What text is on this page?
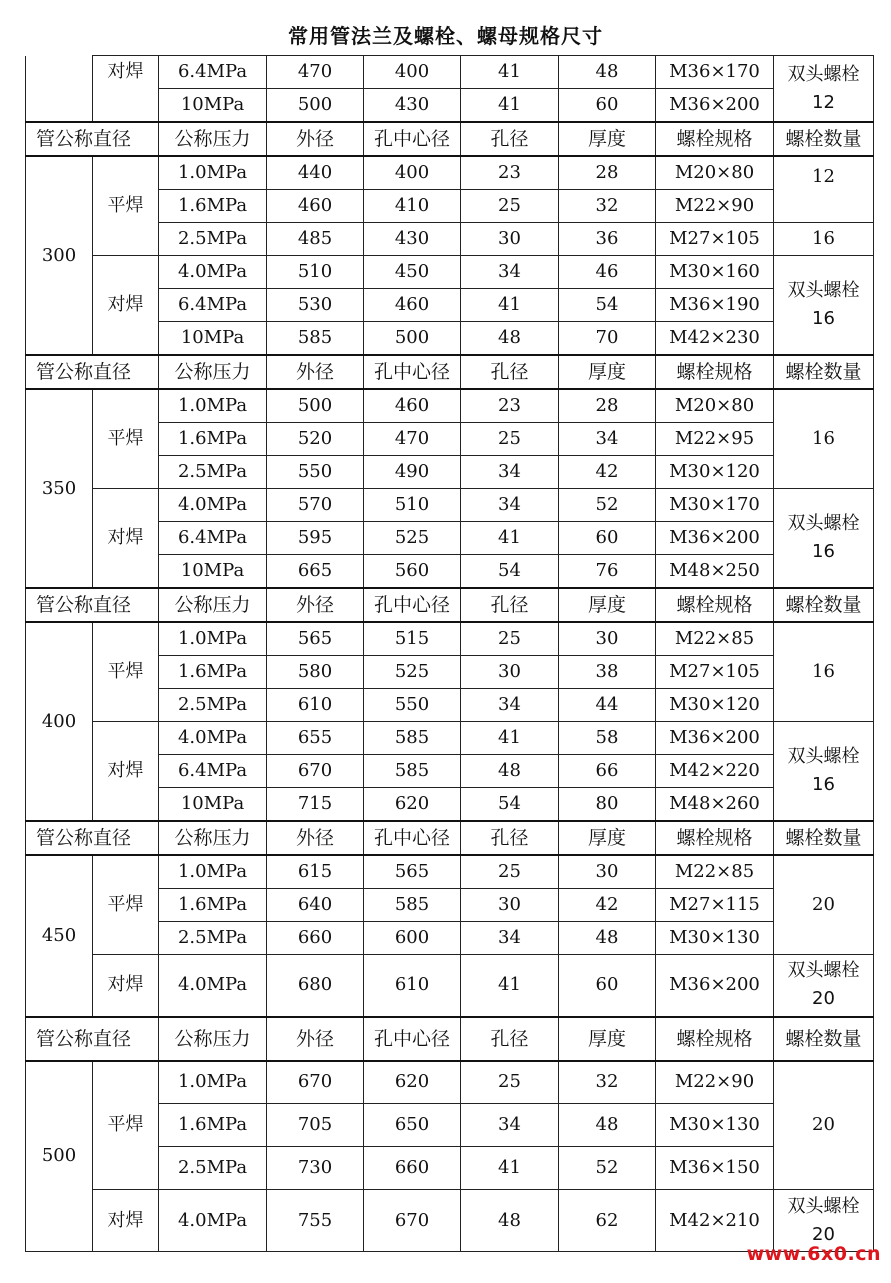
常用管法兰及螺栓、螺母规格尺寸
	对焊	6.4MPa	470	400	41	48	M36×170	双头螺栓
12

		10MPa	500	430	41	60	M36×200	
管公称直径		公称压力	外径	孔中心径	孔径	厚度	螺栓规格	螺栓数量
300	平焊	1.0MPa	440	400	23	28	M20×80	12
		1.6MPa	460	410	25	32	M22×90	
		2.5MPa	485	430	30	36	M27×105	16
	对焊	4.0MPa	510	450	34	46	M30×160	双头螺栓
16

		6.4MPa	530	460	41	54	M36×190	
		10MPa	585	500	48	70	M42×230	
管公称直径		公称压力	外径	孔中心径	孔径	厚度	螺栓规格	螺栓数量
350	平焊	1.0MPa	500	460	23	28	M20×80	16
		1.6MPa	520	470	25	34	M22×95	
		2.5MPa	550	490	34	42	M30×120	
	对焊	4.0MPa	570	510	34	52	M30×170	双头螺栓
16

		6.4MPa	595	525	41	60	M36×200	
		10MPa	665	560	54	76	M48×250	
管公称直径		公称压力	外径	孔中心径	孔径	厚度	螺栓规格	螺栓数量
400	平焊	1.0MPa	565	515	25	30	M22×85	16
		1.6MPa	580	525	30	38	M27×105	
		2.5MPa	610	550	34	44	M30×120	
	对焊	4.0MPa	655	585	41	58	M36×200	双头螺栓
16

		6.4MPa	670	585	48	66	M42×220	
		10MPa	715	620	54	80	M48×260	
管公称直径		公称压力	外径	孔中心径	孔径	厚度	螺栓规格	螺栓数量
450	平焊	1.0MPa	615	565	25	30	M22×85	20
		1.6MPa	640	585	30	42	M27×115	
		2.5MPa	660	600	34	48	M30×130	
	对焊	4.0MPa	680	610	41	60	M36×200	双头螺栓
20

管公称直径		公称压力	外径	孔中心径	孔径	厚度	螺栓规格	螺栓数量
500	平焊	1.0MPa	670	620	25	32	M22×90	20
		1.6MPa	705	650	34	48	M30×130	
		2.5MPa	730	660	41	52	M36×150	
	对焊	4.0MPa	755	670	48	62	M42×210	双头螺栓
20
www.6x0.cn
